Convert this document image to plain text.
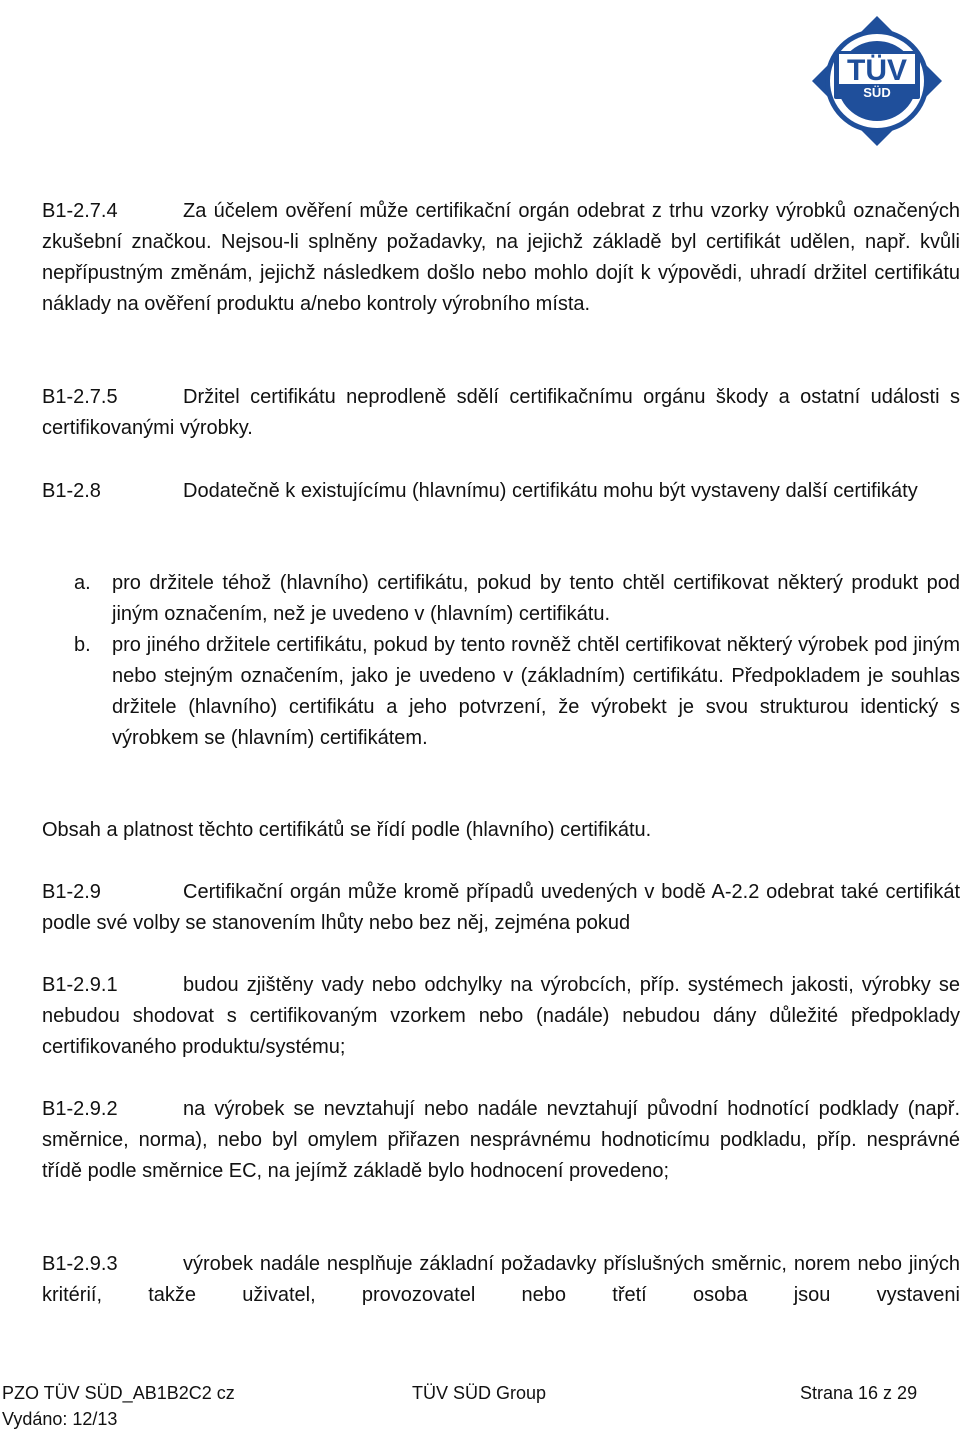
TÜV
SÜD

B1-2.7.4	Za účelem ověření může certifikační orgán odebrat z trhu vzorky výrobků označených zkušební značkou. Nejsou-li splněny požadavky, na jejichž základě byl certifikát udělen, např. kvůli nepřípustným změnám, jejichž následkem došlo nebo mohlo dojít k výpovědi, uhradí držitel certifikátu náklady na ověření produktu a/nebo kontroly výrobního místa.

B1-2.7.5	Držitel certifikátu neprodleně sdělí certifikačnímu orgánu škody a ostatní události s certifikovanými výrobky.

B1-2.8	Dodatečně k existujícímu (hlavnímu) certifikátu mohu být vystaveny další certifikáty

a. pro držitele téhož (hlavního) certifikátu, pokud by tento chtěl certifikovat některý produkt pod jiným označením, než je uvedeno v (hlavním) certifikátu.
b. pro jiného držitele certifikátu, pokud by tento rovněž chtěl certifikovat některý výrobek pod jiným nebo stejným označením, jako je uvedeno v (základním) certifikátu. Předpokladem je souhlas držitele (hlavního) certifikátu a jeho potvrzení, že výrobekt je svou strukturou identický s výrobkem se (hlavním) certifikátem.

Obsah a platnost těchto certifikátů se řídí podle (hlavního) certifikátu.

B1-2.9	Certifikační orgán může kromě případů uvedených v bodě A-2.2 odebrat také certifikát podle své volby se stanovením lhůty nebo bez něj, zejména pokud

B1-2.9.1	budou zjištěny vady nebo odchylky na výrobcích, příp. systémech jakosti, výrobky se nebudou shodovat s certifikovaným vzorkem nebo (nadále) nebudou dány důležité předpoklady certifikovaného produktu/systému;

B1-2.9.2	na výrobek se nevztahují nebo nadále nevztahují původní hodnotící podklady (např. směrnice, norma), nebo byl omylem přiřazen nesprávnému hodnoticímu podkladu, příp. nesprávné třídě podle směrnice EC, na jejímž základě bylo hodnocení provedeno;

B1-2.9.3	výrobek nadále nesplňuje základní požadavky příslušných směrnic, norem nebo jiných kritérií, takže uživatel, provozovatel nebo třetí osoba jsou vystaveni

PZO TÜV SÜD_AB1B2C2 cz	TÜV SÜD Group	Strana 16 z 29
Vydáno: 12/13
